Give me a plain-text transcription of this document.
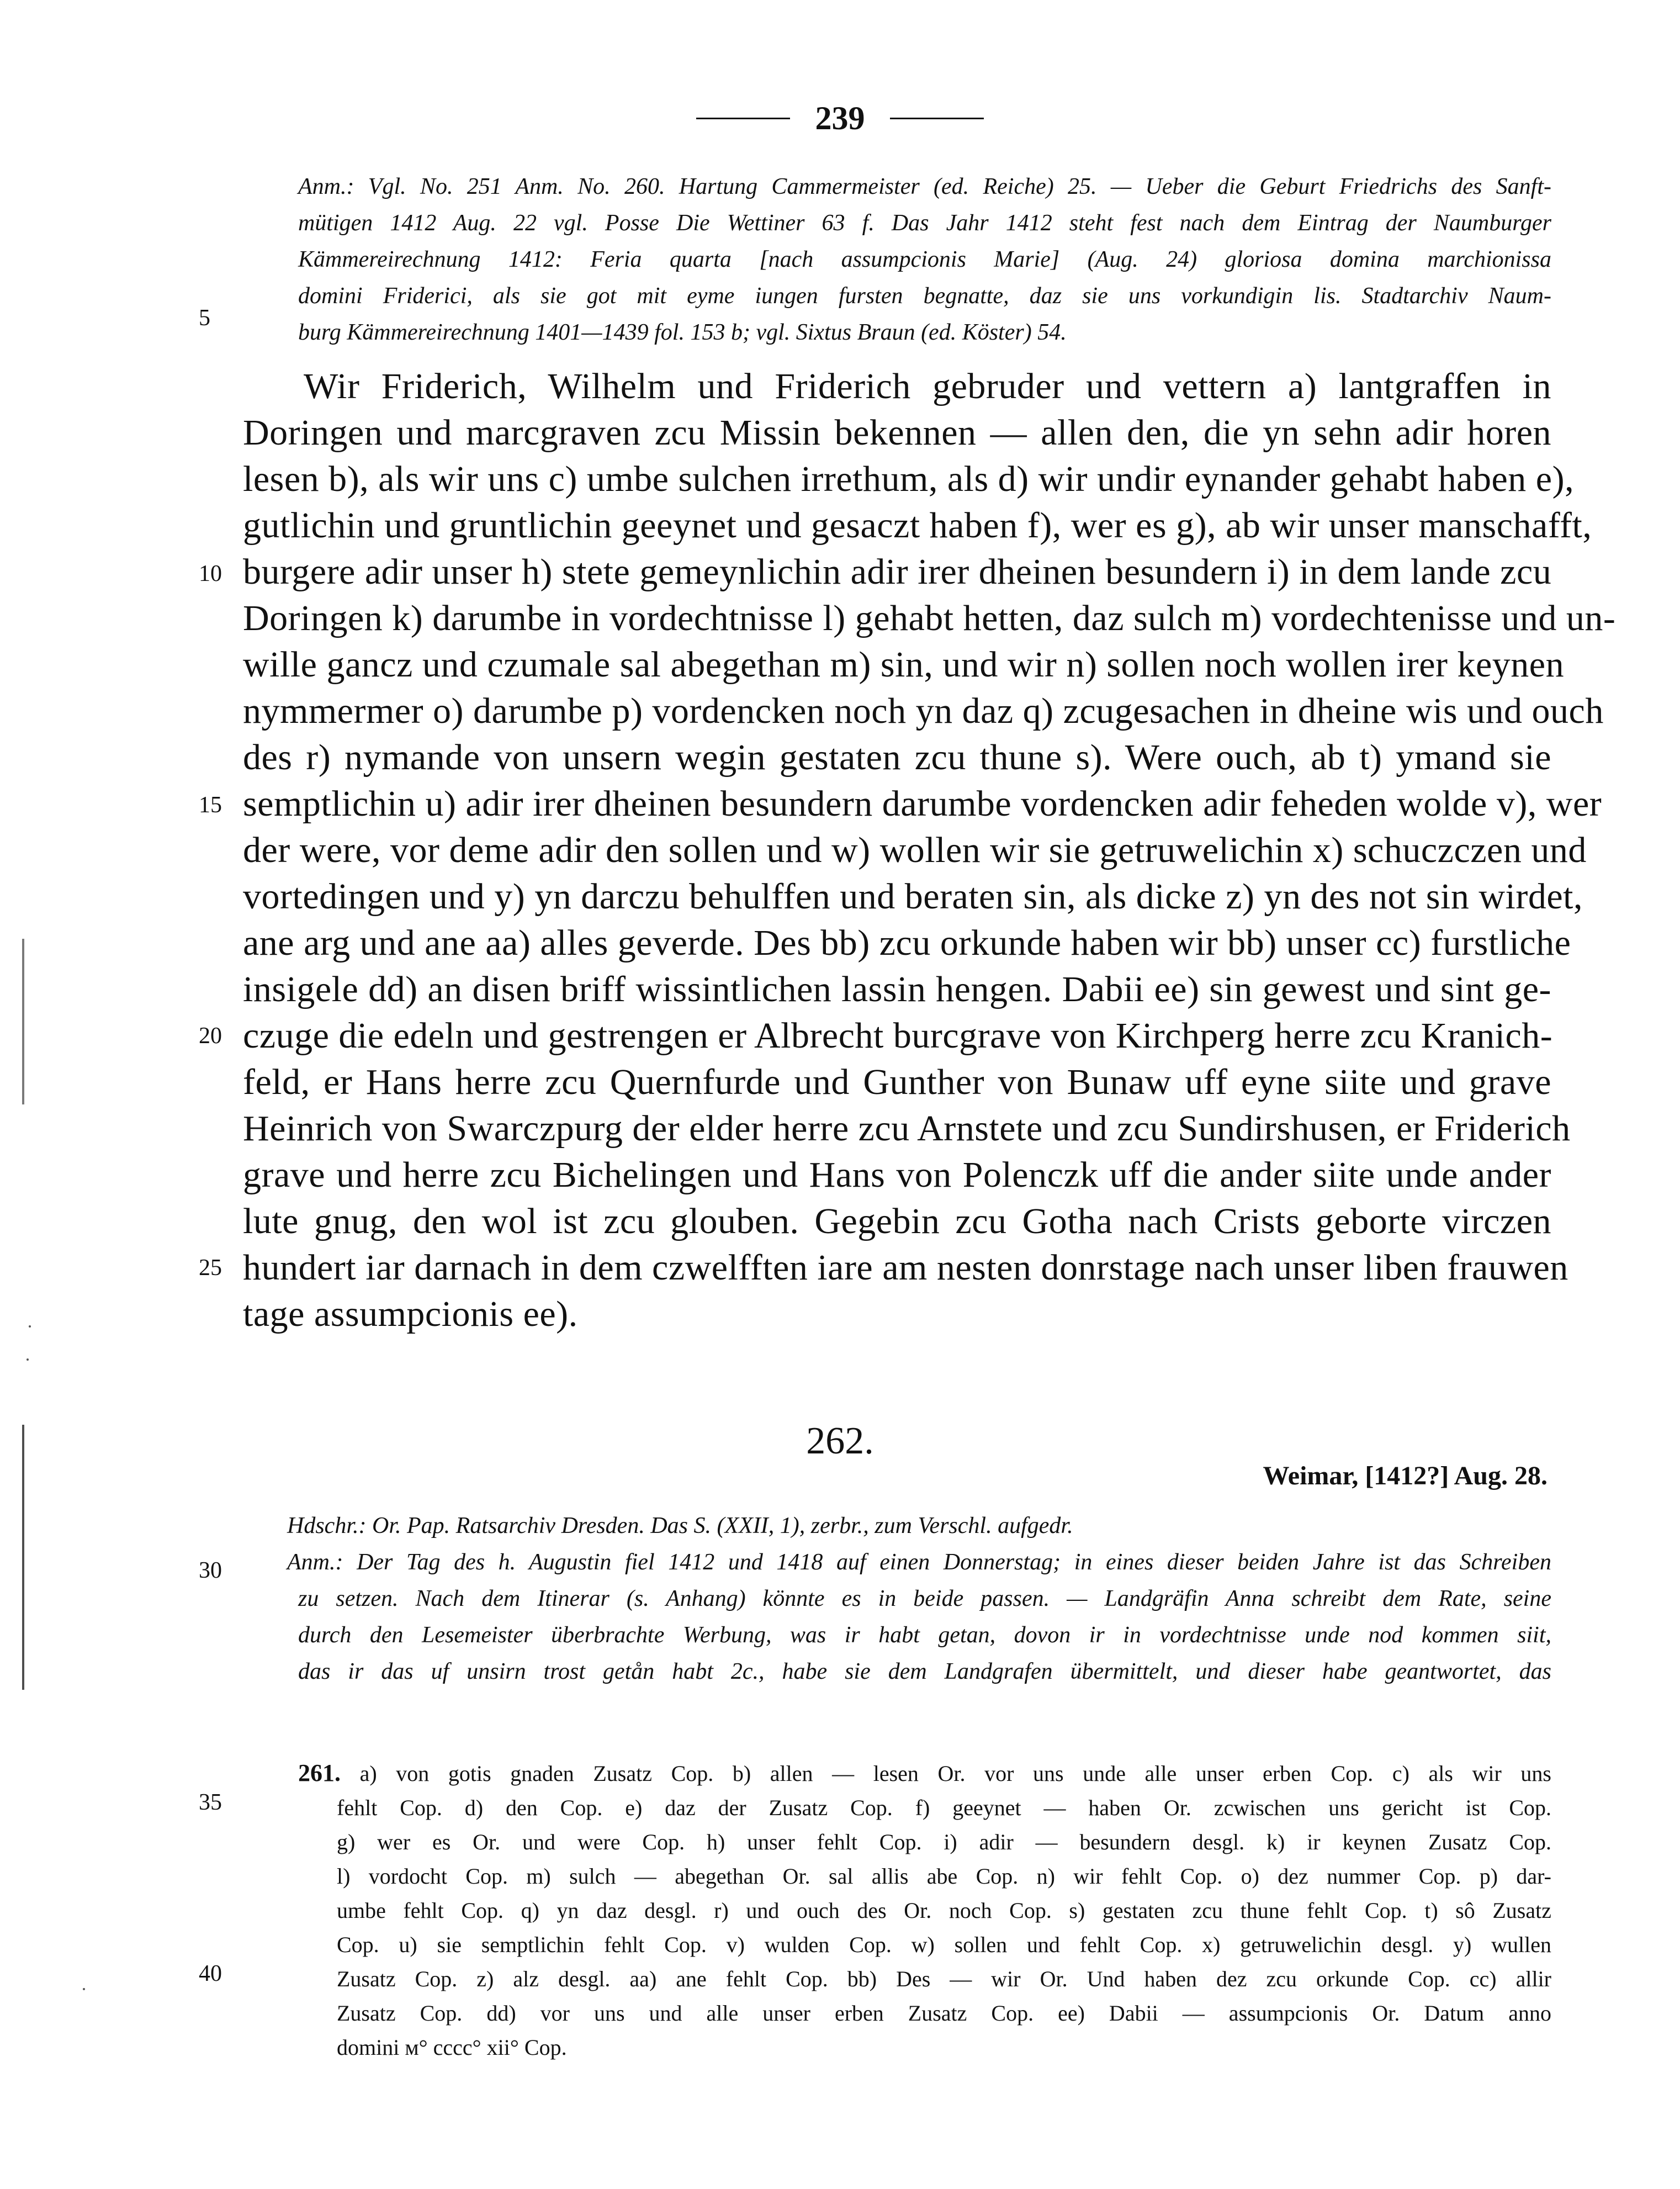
239
Anm.: Vgl. No. 251 Anm. No. 260. Hartung Cammermeister (ed. Reiche) 25. — Ueber die Geburt Friedrichs des Sanft-
mütigen 1412 Aug. 22 vgl. Posse Die Wettiner 63 f. Das Jahr 1412 steht fest nach dem Eintrag der Naumburger
Kämmereirechnung 1412: Feria quarta [nach assumpcionis Marie] (Aug. 24) gloriosa domina marchionissa
domini Friderici, als sie got mit eyme iungen fursten begnatte, daz sie uns vorkundigin lis. Stadtarchiv Naum-
burg Kämmereirechnung 1401—1439 fol. 153 b; vgl. Sixtus Braun (ed. Köster) 54.
5
Wir Friderich, Wilhelm und Friderich gebruder und vettern a) lantgraffen in
Doringen und marcgraven zcu Missin bekennen — allen den, die yn sehn adir horen
lesen b), als wir uns c) umbe sulchen irrethum, als d) wir undir eynander gehabt haben e),
gutlichin und gruntlichin geeynet und gesaczt haben f), wer es g), ab wir unser manschafft,
burgere adir unser h) stete gemeynlichin adir irer dheinen besundern i) in dem lande zcu
Doringen k) darumbe in vordechtnisse l) gehabt hetten, daz sulch m) vordechtenisse und un-
wille gancz und czumale sal abegethan m) sin, und wir n) sollen noch wollen irer keynen
nymmermer o) darumbe p) vordencken noch yn daz q) zcugesachen in dheine wis und ouch
des r) nymande von unsern wegin gestaten zcu thune s). Were ouch, ab t) ymand sie
semptlichin u) adir irer dheinen besundern darumbe vordencken adir feheden wolde v), wer
der were, vor deme adir den sollen und w) wollen wir sie getruwelichin x) schuczczen und
vortedingen und y) yn darczu behulffen und beraten sin, als dicke z) yn des not sin wirdet,
ane arg und ane aa) alles geverde. Des bb) zcu orkunde haben wir bb) unser cc) furstliche
insigele dd) an disen briff wissintlichen lassin hengen. Dabii ee) sin gewest und sint ge-
czuge die edeln und gestrengen er Albrecht burcgrave von Kirchperg herre zcu Kranich-
feld, er Hans herre zcu Quernfurde und Gunther von Bunaw uff eyne siite und grave
Heinrich von Swarczpurg der elder herre zcu Arnstete und zcu Sundirshusen, er Friderich
grave und herre zcu Bichelingen und Hans von Polenczk uff die ander siite unde ander
lute gnug, den wol ist zcu glouben. Gegebin zcu Gotha nach Crists geborte virczen
hundert iar darnach in dem czwelfften iare am nesten donrstage nach unser liben frauwen
tage assumpcionis ee).
10
15
20
25
262.
Weimar, [1412?] Aug. 28.
Hdschr.: Or. Pap. Ratsarchiv Dresden. Das S. (XXII, 1), zerbr., zum Verschl. aufgedr.
Anm.: Der Tag des h. Augustin fiel 1412 und 1418 auf einen Donnerstag; in eines dieser beiden Jahre ist das Schreiben
zu setzen. Nach dem Itinerar (s. Anhang) könnte es in beide passen. — Landgräfin Anna schreibt dem Rate, seine
durch den Lesemeister überbrachte Werbung, was ir habt getan, dovon ir in vordechtnisse unde nod kommen siit,
das ir das uf unsirn trost getån habt 2c., habe sie dem Landgrafen übermittelt, und dieser habe geantwortet, das
30
261. a) von gotis gnaden Zusatz Cop. b) allen — lesen Or. vor uns unde alle unser erben Cop. c) als wir uns
fehlt Cop. d) den Cop. e) daz der Zusatz Cop. f) geeynet — haben Or. zcwischen uns gericht ist Cop.
g) wer es Or. und were Cop. h) unser fehlt Cop. i) adir — besundern desgl. k) ir keynen Zusatz Cop.
l) vordocht Cop. m) sulch — abegethan Or. sal allis abe Cop. n) wir fehlt Cop. o) dez nummer Cop. p) dar-
umbe fehlt Cop. q) yn daz desgl. r) und ouch des Or. noch Cop. s) gestaten zcu thune fehlt Cop. t) sô Zusatz
Cop. u) sie semptlichin fehlt Cop. v) wulden Cop. w) sollen und fehlt Cop. x) getruwelichin desgl. y) wullen
Zusatz Cop. z) alz desgl. aa) ane fehlt Cop. bb) Des — wir Or. Und haben dez zcu orkunde Cop. cc) allir
Zusatz Cop. dd) vor uns und alle unser erben Zusatz Cop. ee) Dabii — assumpcionis Or. Datum anno
domini м° cccc° xii° Cop.
35
40
